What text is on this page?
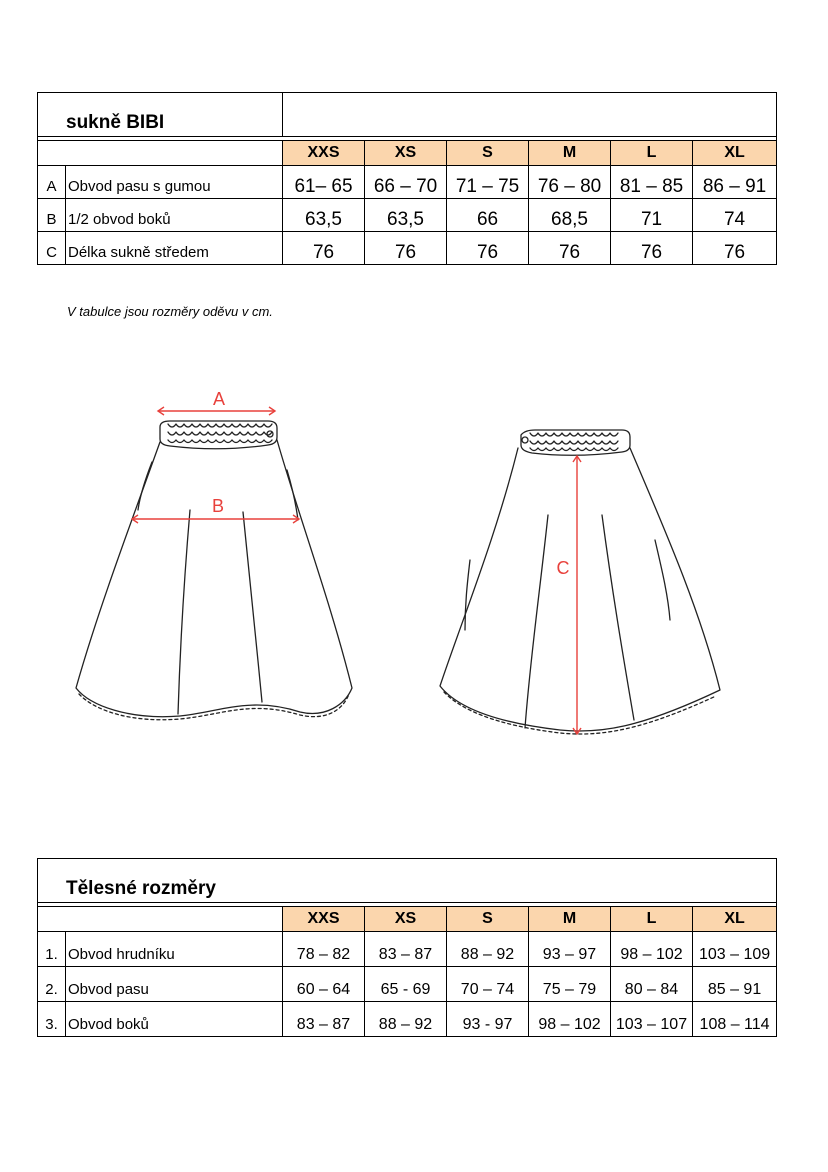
sukně BIBI							

		XXS	XS	S	M	L	XL
A	Obvod pasu s gumou	61– 65	66 – 70	71 – 75	76 – 80	81 – 85	86 – 91
B	1/2 obvod boků	63,5	63,5	66	68,5	71	74
C	Délka sukně středem	76	76	76	76	76	76
V tabulce jsou rozměry oděvu v cm.
A
B
C
Tělesné rozměry							

		XXS	XS	S	M	L	XL
1.	Obvod hrudníku	78 – 82	83 – 87	88 – 92	93 – 97	98 – 102	103 – 109
2.	Obvod pasu	60 – 64	65 - 69	70 – 74	75 – 79	80 – 84	85 – 91
3.	Obvod boků	83 – 87	88 – 92	93 - 97	98 – 102	103 – 107	108 – 114
